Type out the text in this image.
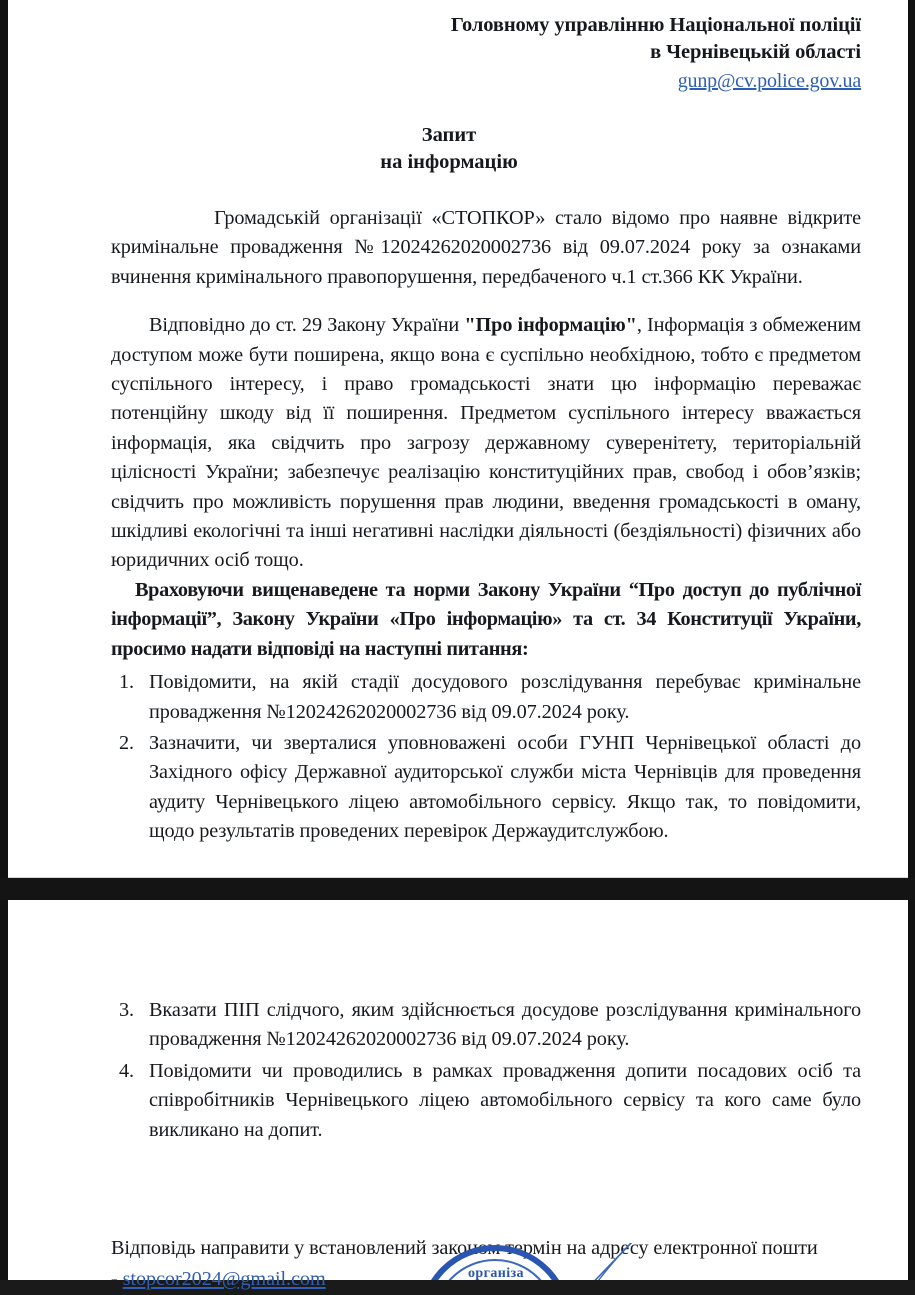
Головному управлінню Національної поліції
в Чернівецькій області
gunp@cv.police.gov.ua
Запит
на інформацію

Громадській організації «СТОПКОР» стало відомо про наявне відкрите кримінальне провадження №12024262020002736 від 09.07.2024 року за ознаками вчинення кримінального правопорушення, передбаченого ч.1 ст.366 КК України.

Відповідно до ст. 29 Закону України "Про інформацію", Інформація з обмеженим доступом може бути поширена, якщо вона є суспільно необхідною, тобто є предметом суспільного інтересу, і право громадськості знати цю інформацію переважає потенційну шкоду від її поширення. Предметом суспільного інтересу вважається інформація, яка свідчить про загрозу державному суверенітету, територіальній цілісності України; забезпечує реалізацію конституційних прав, свобод і обов’язків; свідчить про можливість порушення прав людини, введення громадськості в оману, шкідливі екологічні та інші негативні наслідки діяльності (бездіяльності) фізичних або юридичних осіб тощо.

Враховуючи вищенаведене та норми Закону України “Про доступ до публічної інформації”, Закону України «Про інформацію» та ст. 34 Конституції України, просимо надати відповіді на наступні питання:

Повідомити, на якій стадії досудового розслідування перебуває кримінальне провадження №12024262020002736 від 09.07.2024 року.
Зазначити, чи зверталися уповноважені особи ГУНП Чернівецької області до Західного офісу Державної аудиторської служби міста Чернівців для проведення аудиту Чернівецького ліцею автомобільного сервісу. Якщо так, то повідомити, щодо результатів проведених перевірок Держаудитслужбою.
Вказати ПІП слідчого, яким здійснюється досудове розслідування кримінального провадження №12024262020002736 від 09.07.2024 року.
Повідомити чи проводились в рамках провадження допити посадових осіб та співробітників Чернівецького ліцею автомобільного сервісу та кого саме було викликано на допит.

Відповідь направити у встановлений законом термін на адресу електронної пошти
- stopcor2024@gmail.com	організа
